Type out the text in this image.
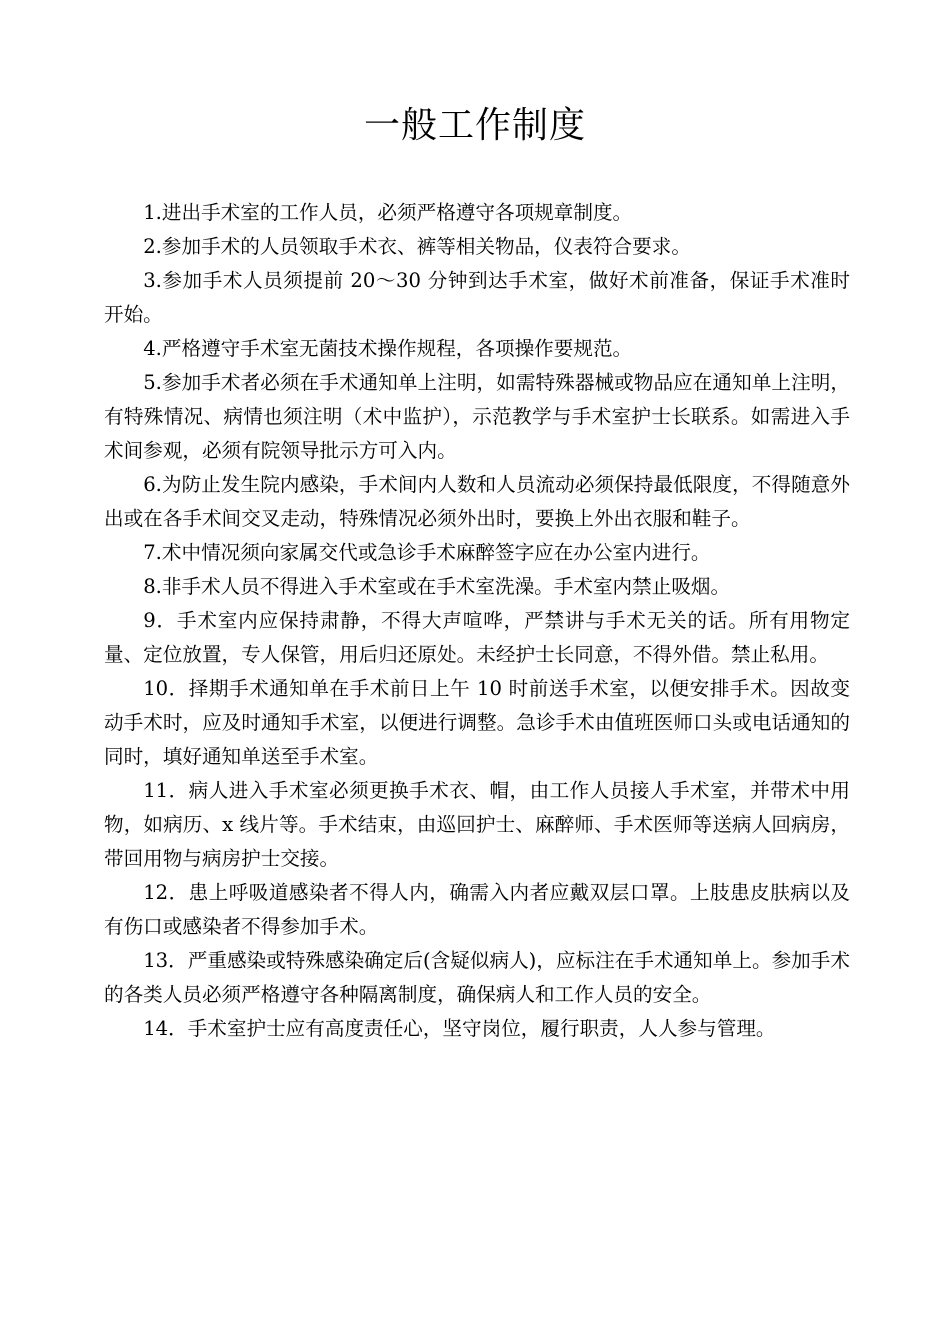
一般工作制度

1.进出手术室的工作人员，必须严格遵守各项规章制度。

2.参加手术的人员领取手术衣、裤等相关物品，仪表符合要求。

3.参加手术人员须提前 20～30 分钟到达手术室，做好术前准备，保证手术准时开始。

4.严格遵守手术室无菌技术操作规程，各项操作要规范。

5.参加手术者必须在手术通知单上注明，如需特殊器械或物品应在通知单上注明，有特殊情况、病情也须注明（术中监护），示范教学与手术室护士长联系。如需进入手术间参观，必须有院领导批示方可入内。

6.为防止发生院内感染，手术间内人数和人员流动必须保持最低限度，不得随意外出或在各手术间交叉走动，特殊情况必须外出时，要换上外出衣服和鞋子。

7.术中情况须向家属交代或急诊手术麻醉签字应在办公室内进行。

8.非手术人员不得进入手术室或在手术室洗澡。手术室内禁止吸烟。

9．手术室内应保持肃静，不得大声喧哗，严禁讲与手术无关的话。所有用物定量、定位放置，专人保管，用后归还原处。未经护士长同意，不得外借。禁止私用。

10．择期手术通知单在手术前日上午 10 时前送手术室，以便安排手术。因故变动手术时，应及时通知手术室，以便进行调整。急诊手术由值班医师口头或电话通知的同时，填好通知单送至手术室。

11．病人进入手术室必须更换手术衣、帽，由工作人员接人手术室，并带术中用物，如病历、x 线片等。手术结束，由巡回护士、麻醉师、手术医师等送病人回病房，带回用物与病房护士交接。

12．患上呼吸道感染者不得人内，确需入内者应戴双层口罩。上肢患皮肤病以及有伤口或感染者不得参加手术。

13．严重感染或特殊感染确定后(含疑似病人)，应标注在手术通知单上。参加手术的各类人员必须严格遵守各种隔离制度，确保病人和工作人员的安全。

14．手术室护士应有高度责任心，坚守岗位，履行职责，人人参与管理。
